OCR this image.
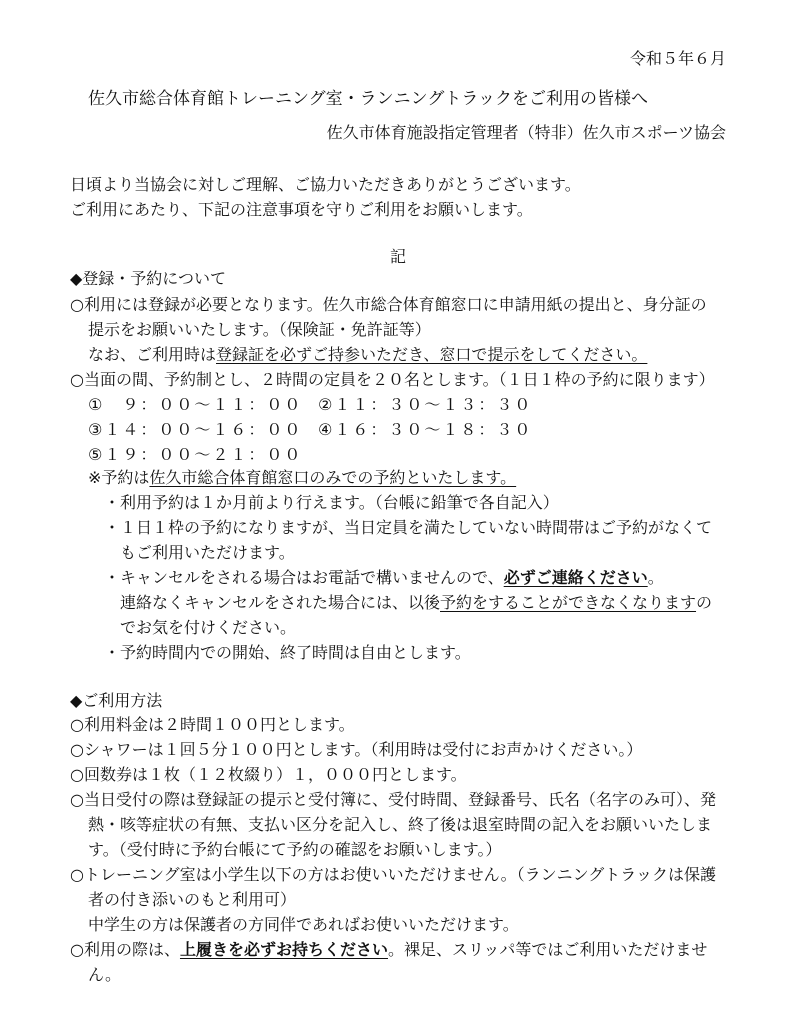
令和５年６月
佐久市総合体育館トレーニング室・ランニングトラックをご利用の皆様へ
佐久市体育施設指定管理者（特非）佐久市スポーツ協会
日頃より当協会に対しご理解、ご協力いただきありがとうございます。
ご利用にあたり、下記の注意事項を守りご利用をお願いします。
記
◆登録・予約について
○利用には登録が必要となります。佐久市総合体育館窓口に申請用紙の提出と、身分証の
提示をお願いいたします。（保険証・免許証等）
なお、ご利用時は登録証を必ずご持参いただき、窓口で提示をしてください。
○当面の間、予約制とし、２時間の定員を２０名とします。（１日１枠の予約に限ります）
①　９：００～１１：００ ②１１：３０～１３：３０
③１４：００～１６：００ ④１６：３０～１８：３０
⑤１９：００～２１：００
※予約は佐久市総合体育館窓口のみでの予約といたします。
・利用予約は１か月前より行えます。（台帳に鉛筆で各自記入）
・１日１枠の予約になりますが、当日定員を満たしていない時間帯はご予約がなくて
もご利用いただけます。
・キャンセルをされる場合はお電話で構いませんので、必ずご連絡ください。
連絡なくキャンセルをされた場合には、以後予約をすることができなくなりますの
でお気を付けください。
・予約時間内での開始、終了時間は自由とします。
◆ご利用方法
○利用料金は２時間１００円とします。
○シャワーは１回５分１００円とします。（利用時は受付にお声かけください。）
○回数券は１枚（１２枚綴り）１，０００円とします。
○当日受付の際は登録証の提示と受付簿に、受付時間、登録番号、氏名（名字のみ可）、発
熱・咳等症状の有無、支払い区分を記入し、終了後は退室時間の記入をお願いいたしま
す。（受付時に予約台帳にて予約の確認をお願いします。）
○トレーニング室は小学生以下の方はお使いいただけません。（ランニングトラックは保護
者の付き添いのもと利用可）
中学生の方は保護者の方同伴であればお使いいただけます。
○利用の際は、上履きを必ずお持ちください。裸足、スリッパ等ではご利用いただけませ
ん。
